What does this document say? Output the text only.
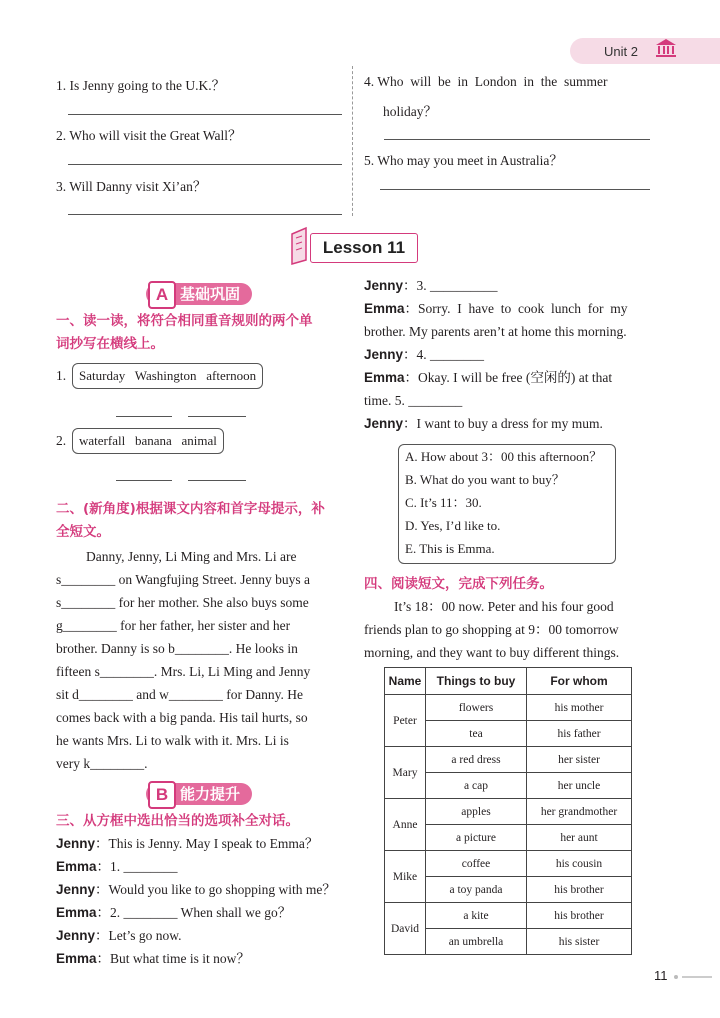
Unit 2
1. Is Jenny going to the U.K.？
2. Who will visit the Great Wall？
3. Will Danny visit Xi’an？
4. Who  will  be  in  London  in  the  summer
holiday？
5. Who may you meet in Australia？
Lesson 11
A 基础巩固
一、读一读，将符合相同重音规则的两个单
词抄写在横线上。
1. Saturday   Washington   afternoon
2. waterfall   banana   animal
二、(新角度)根据课文内容和首字母提示，补
全短文。
Danny, Jenny, Li Ming and Mrs. Li are
s________ on Wangfujing Street. Jenny buys a
s________ for her mother. She also buys some
g________ for her father, her sister and her
brother. Danny is so b________. He looks in
fifteen s________. Mrs. Li, Li Ming and Jenny
sit d________ and w________ for Danny. He
comes back with a big panda. His tail hurts, so
he wants Mrs. Li to walk with it. Mrs. Li is
very k________.
B 能力提升
三、从方框中选出恰当的选项补全对话。
Jenny：This is Jenny. May I speak to Emma？
Emma：1. ________
Jenny：Would you like to go shopping with me？
Emma：2. ________ When shall we go？
Jenny：Let’s go now.
Emma：But what time is it now？
Jenny：3. __________
Emma：Sorry.  I  have  to  cook  lunch  for  my
brother. My parents aren’t at home this morning.
Jenny：4. ________
Emma：Okay. I will be free (空闲的) at that
time. 5. ________
Jenny：I want to buy a dress for my mum.
A. How about 3：00 this afternoon？
B. What do you want to buy？
C. It’s 11：30.
D. Yes, I’d like to.
E. This is Emma.
四、阅读短文，完成下列任务。
It’s 18：00 now. Peter and his four good
friends plan to go shopping at 9：00 tomorrow
morning, and they want to buy different things.
Name	Things to buy	For whom
Peter	flowers	his mother
	tea	his father
Mary	a red dress	her sister
	a cap	her uncle
Anne	apples	her grandmother
	a picture	her aunt
Mike	coffee	his cousin
	a toy panda	his brother
David	a kite	his brother
	an umbrella	his sister
11
